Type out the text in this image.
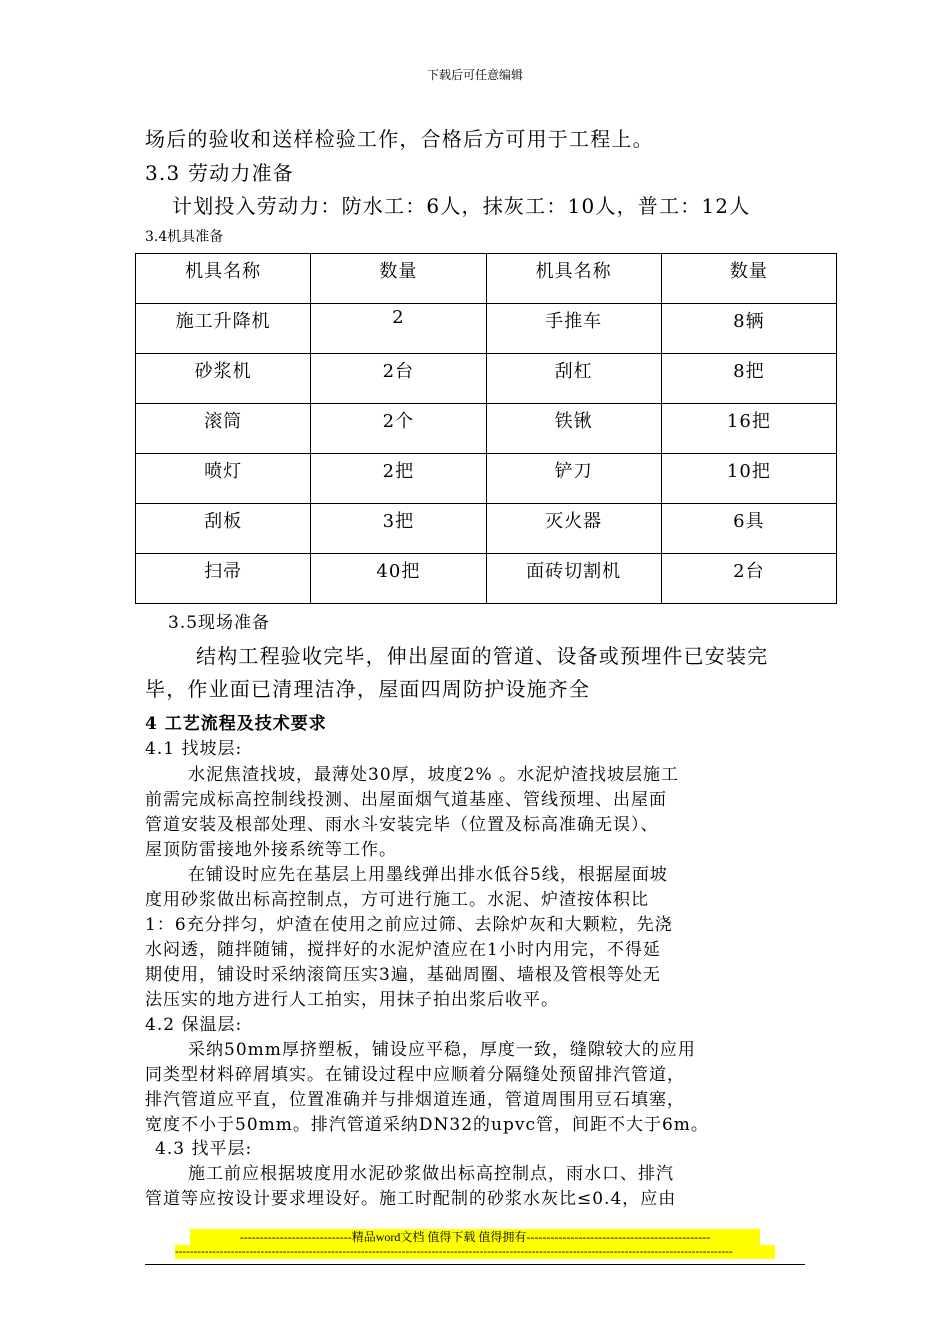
下载后可任意编辑
场后的验收和送样检验工作，合格后方可用于工程上。
3.3 劳动力准备
计划投入劳动力：防水工：6人，抹灰工：10人，普工：12人
3.4机具准备
机具名称	数量	机具名称	数量

施工升降机	2	手推车	8辆

砂浆机	2台	刮杠	8把

滚筒	2个	铁锹	16把

喷灯	2把	铲刀	10把

刮板	3把	灭火器	6具

扫帚	40把	面砖切割机	2台
3.5现场准备
结构工程验收完毕，伸出屋面的管道、设备或预埋件已安装完
毕，作业面已清理洁净，屋面四周防护设施齐全
4 工艺流程及技术要求
4.1 找坡层:
水泥焦渣找坡，最薄处30厚，坡度2% 。水泥炉渣找坡层施工
前需完成标高控制线投测、出屋面烟气道基座、管线预埋、出屋面
管道安装及根部处理、雨水斗安装完毕（位置及标高准确无误）、
屋顶防雷接地外接系统等工作。
在铺设时应先在基层上用墨线弹出排水低谷5线，根据屋面坡
度用砂浆做出标高控制点，方可进行施工。水泥、炉渣按体积比
1：6充分拌匀，炉渣在使用之前应过筛、去除炉灰和大颗粒，先浇
水闷透，随拌随铺，搅拌好的水泥炉渣应在1小时内用完，不得延
期使用，铺设时采纳滚筒压实3遍，基础周圈、墙根及管根等处无
法压实的地方进行人工拍实，用抹子拍出浆后收平。
4.2 保温层:
采纳50mm厚挤塑板，铺设应平稳，厚度一致，缝隙较大的应用
同类型材料碎屑填实。在铺设过程中应顺着分隔缝处预留排汽管道，
排汽管道应平直，位置准确并与排烟道连通，管道周围用豆石填塞，
宽度不小于50mm。排汽管道采纳DN32的upvc管，间距不大于6m。
4.3 找平层:
施工前应根据坡度用水泥砂浆做出标高控制点，雨水口、排汽
管道等应按设计要求埋设好。施工时配制的砂浆水灰比≤0.4，应由
----------------------------精品word文档 值得下载 值得拥有----------------------------------------------
------------------------------------------------------------------------------------------------------------------------------------------------------
